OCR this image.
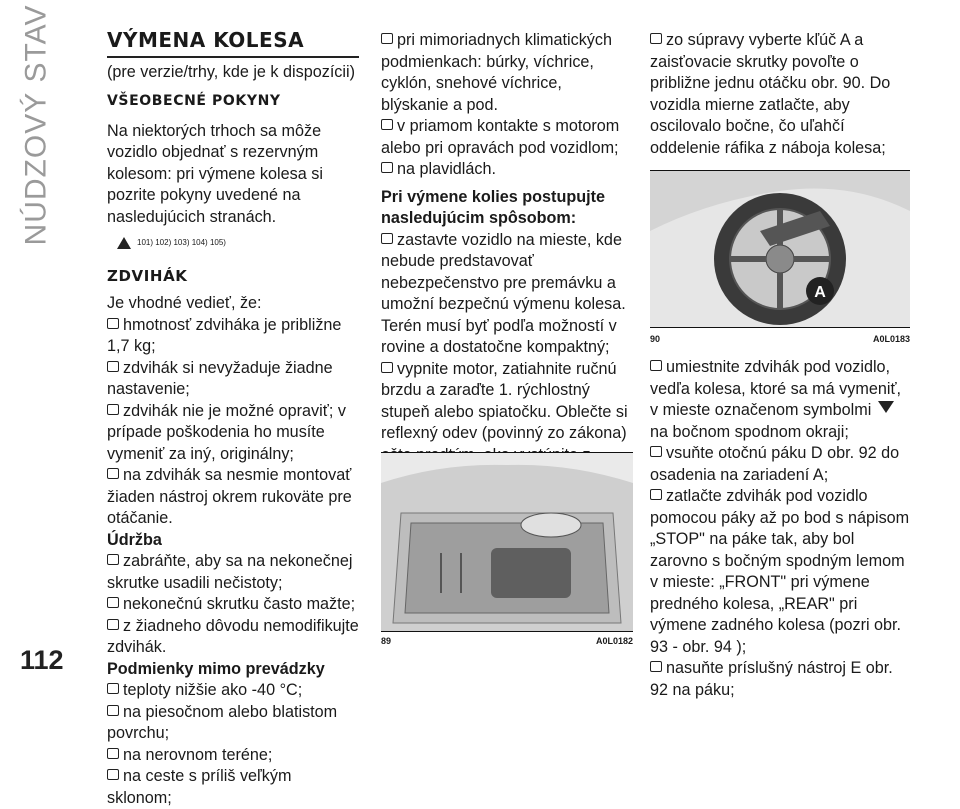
NÚDZOVÝ STAV
112
VÝMENA KOLESA

(pre verzie/trhy, kde je k dispozícii)

VŠEOBECNÉ POKYNY

Na niektorých trhoch sa môže vozidlo objednať s rezervným kolesom: pri výmene kolesa si pozrite pokyny uvedené na nasledujúcich stranách.

101) 102) 103) 104) 105)
ZDVIHÁK

Je vhodné vedieť, že:

hmotnosť zdviháka je približne 1,7 kg;

zdvihák si nevyžaduje žiadne nastavenie;

zdvihák nie je možné opraviť; v prípade poškodenia ho musíte vymeniť za iný, originálny;

na zdvihák sa nesmie montovať žiaden nástroj okrem rukoväte pre otáčanie.

Údržba

zabráňte, aby sa na nekonečnej skrutke usadili nečistoty;

nekonečnú skrutku často mažte;

z žiadneho dôvodu nemodifikujte zdvihák.

Podmienky mimo prevádzky

teploty nižšie ako -40 °C;

na piesočnom alebo blatistom povrchu;

na nerovnom teréne;

na ceste s príliš veľkým sklonom;

pri mimoriadnych klimatických podmienkach: búrky, víchrice, cyklón, snehové víchrice, blýskanie a pod.

v priamom kontakte s motorom alebo pri opravách pod vozidlom;

na plavidlách.

Pri výmene kolies postupujte nasledujúcim spôsobom:

zastavte vozidlo na mieste, kde nebude predstavovať nebezpečenstvo pre premávku a umožní bezpečnú výmenu kolesa. Terén musí byť podľa možností v rovine a dostatočne kompaktný;

vypnite motor, zatiahnite ručnú brzdu a zaraďte 1. rýchlostný stupeň alebo spiatočku. Oblečte si reflexný odev (povinný zo zákona)

89	A0L0182

zo súpravy vyberte kľúč A a zaisťovacie skrutky povoľte o približne jednu otáčku obr. 90. Do vozidla mierne zatlačte, aby oscilovalo bočne, čo uľahčí oddelenie ráfika z nábojа kolesa;

A
90	A0L0183

umiestnite zdvihák pod vozidlo, vedľa kolesa, ktoré sa má vymeniť, v mieste označenom symbolmi  na bočnom spodnom okraji;

vsuňte otočnú páku D obr. 92 do osadenia na zariadení A;

zatlačte zdvihák pod vozidlo pomocou páky až po bod s nápisom „STOP" na páke tak, aby bol zarovno s bočným spodným lemom v mieste: „FRONT" pri výmene predného kolesa, „REAR" pri výmene zadného kolesa (pozri obr. 93 - obr. 94 );

nasuňte príslušný nástroj E obr. 92 na páku;
